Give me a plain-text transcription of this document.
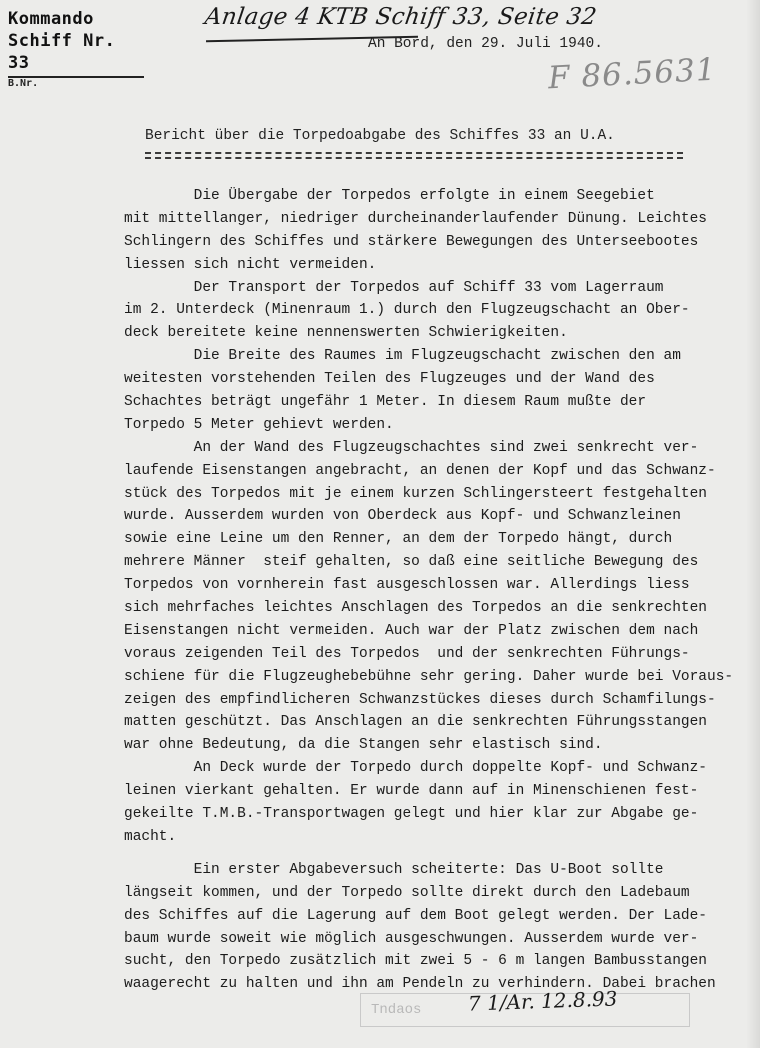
Kommando
Schiff Nr. 33
B.Nr.
Anlage 4 KTB Schiff 33, Seite 32
An Bord, den 29. Juli 1940.
F 86.5631
Bericht über die Torpedoabgabe des Schiffes 33 an U.A.
Die Übergabe der Torpedos erfolgte in einem Seegebiet
mit mittellanger, niedriger durcheinanderlaufender Dünung. Leichtes
Schlingern des Schiffes und stärkere Bewegungen des Unterseebootes
liessen sich nicht vermeiden.
Der Transport der Torpedos auf Schiff 33 vom Lagerraum
im 2. Unterdeck (Minenraum 1.) durch den Flugzeugschacht an Ober-
deck bereitete keine nennenswerten Schwierigkeiten.
Die Breite des Raumes im Flugzeugschacht zwischen den am
weitesten vorstehenden Teilen des Flugzeuges und der Wand des
Schachtes beträgt ungefähr 1 Meter. In diesem Raum mußte der
Torpedo 5 Meter gehievt werden.
An der Wand des Flugzeugschachtes sind zwei senkrecht ver-
laufende Eisenstangen angebracht, an denen der Kopf und das Schwanz-
stück des Torpedos mit je einem kurzen Schlingersteert festgehalten
wurde. Ausserdem wurden von Oberdeck aus Kopf- und Schwanzleinen
sowie eine Leine um den Renner, an dem der Torpedo hängt, durch
mehrere Männer  steif gehalten, so daß eine seitliche Bewegung des
Torpedos von vornherein fast ausgeschlossen war. Allerdings liess
sich mehrfaches leichtes Anschlagen des Torpedos an die senkrechten
Eisenstangen nicht vermeiden. Auch war der Platz zwischen dem nach
voraus zeigenden Teil des Torpedos  und der senkrechten Führungs-
schiene für die Flugzeughebebühne sehr gering. Daher wurde bei Voraus-
zeigen des empfindlicheren Schwanzstückes dieses durch Schamfilungs-
matten geschützt. Das Anschlagen an die senkrechten Führungsstangen
war ohne Bedeutung, da die Stangen sehr elastisch sind.
An Deck wurde der Torpedo durch doppelte Kopf- und Schwanz-
leinen vierkant gehalten. Er wurde dann auf in Minenschienen fest-
gekeilte T.M.B.-Transportwagen gelegt und hier klar zur Abgabe ge-
macht.
Ein erster Abgabeversuch scheiterte: Das U-Boot sollte
längseit kommen, und der Torpedo sollte direkt durch den Ladebaum
des Schiffes auf die Lagerung auf dem Boot gelegt werden. Der Lade-
baum wurde soweit wie möglich ausgeschwungen. Ausserdem wurde ver-
sucht, den Torpedo zusätzlich mit zwei 5 - 6 m langen Bambusstangen
waagerecht zu halten und ihn am Pendeln zu verhindern. Dabei brachen
Tndaos	7 1/Ar. 12.8.93
